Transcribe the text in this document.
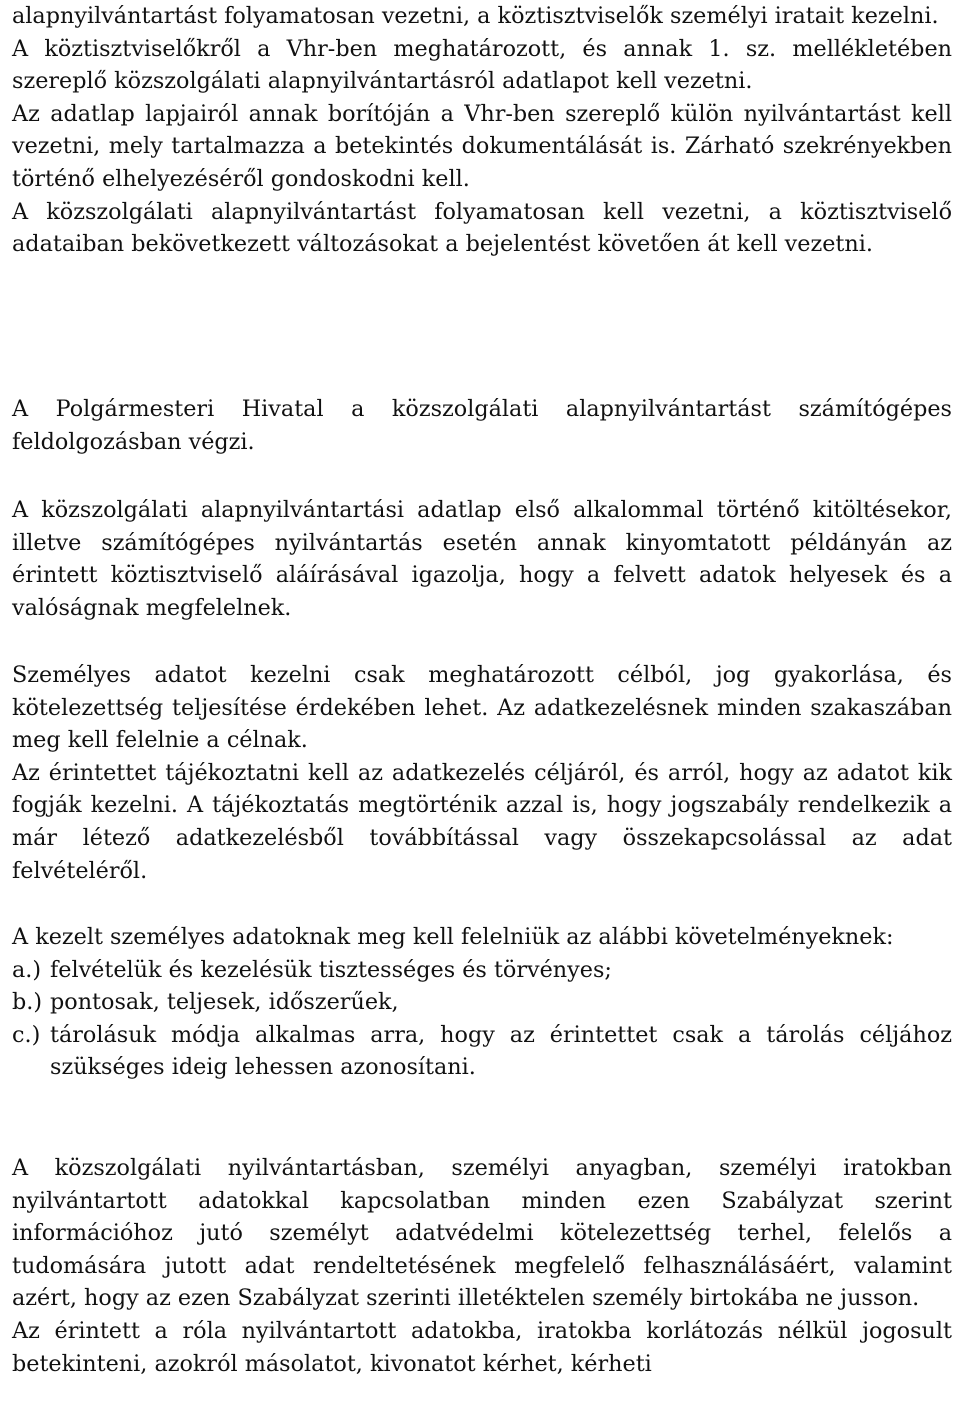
alapnyilvántartást folyamatosan vezetni, a köztisztviselők személyi iratait kezelni.

A köztisztviselőkről a Vhr-ben meghatározott, és annak 1. sz. mellékletében szereplő közszolgálati alapnyilvántartásról adatlapot kell vezetni.

Az adatlap lapjairól annak borítóján a Vhr-ben szereplő külön nyilvántartást kell vezetni, mely tartalmazza a betekintés dokumentálását is. Zárható szekrényekben történő elhelyezéséről gondoskodni kell.

A közszolgálati alapnyilvántartást folyamatosan kell vezetni, a köztisztviselő adataiban bekövetkezett változásokat a bejelentést követően át kell vezetni.

A Polgármesteri Hivatal a közszolgálati alapnyilvántartást számítógépes feldolgozásban végzi.

A közszolgálati alapnyilvántartási adatlap első alkalommal történő kitöltésekor, illetve számítógépes nyilvántartás esetén annak kinyomtatott példányán az érintett köztisztviselő aláírásával igazolja, hogy a felvett adatok helyesek és a valóságnak megfelelnek.

Személyes adatot kezelni csak meghatározott célból, jog gyakorlása, és kötelezettség teljesítése érdekében lehet. Az adatkezelésnek minden szakaszában meg kell felelnie a célnak.

Az érintettet tájékoztatni kell az adatkezelés céljáról, és arról, hogy az adatot kik fogják kezelni. A tájékoztatás megtörténik azzal is, hogy jogszabály rendelkezik a már létező adatkezelésből továbbítással vagy összekapcsolással az adat felvételéről.

A kezelt személyes adatoknak meg kell felelniük az alábbi követelményeknek:

a.) felvételük és kezelésük tisztességes és törvényes;
b.) pontosak, teljesek, időszerűek,
c.) tárolásuk módja alkalmas arra, hogy az érintettet csak a tárolás céljához szükséges ideig lehessen azonosítani.

A közszolgálati nyilvántartásban, személyi anyagban, személyi iratokban nyilvántartott adatokkal kapcsolatban minden ezen Szabályzat szerint információhoz jutó személyt adatvédelmi kötelezettség terhel, felelős a tudomására jutott adat rendeltetésének megfelelő felhasználásáért, valamint azért, hogy az ezen Szabályzat szerinti illetéktelen személy birtokába ne jusson.

Az érintett a róla nyilvántartott adatokba, iratokba korlátozás nélkül jogosult betekinteni, azokról másolatot, kivonatot kérhet, kérheti
